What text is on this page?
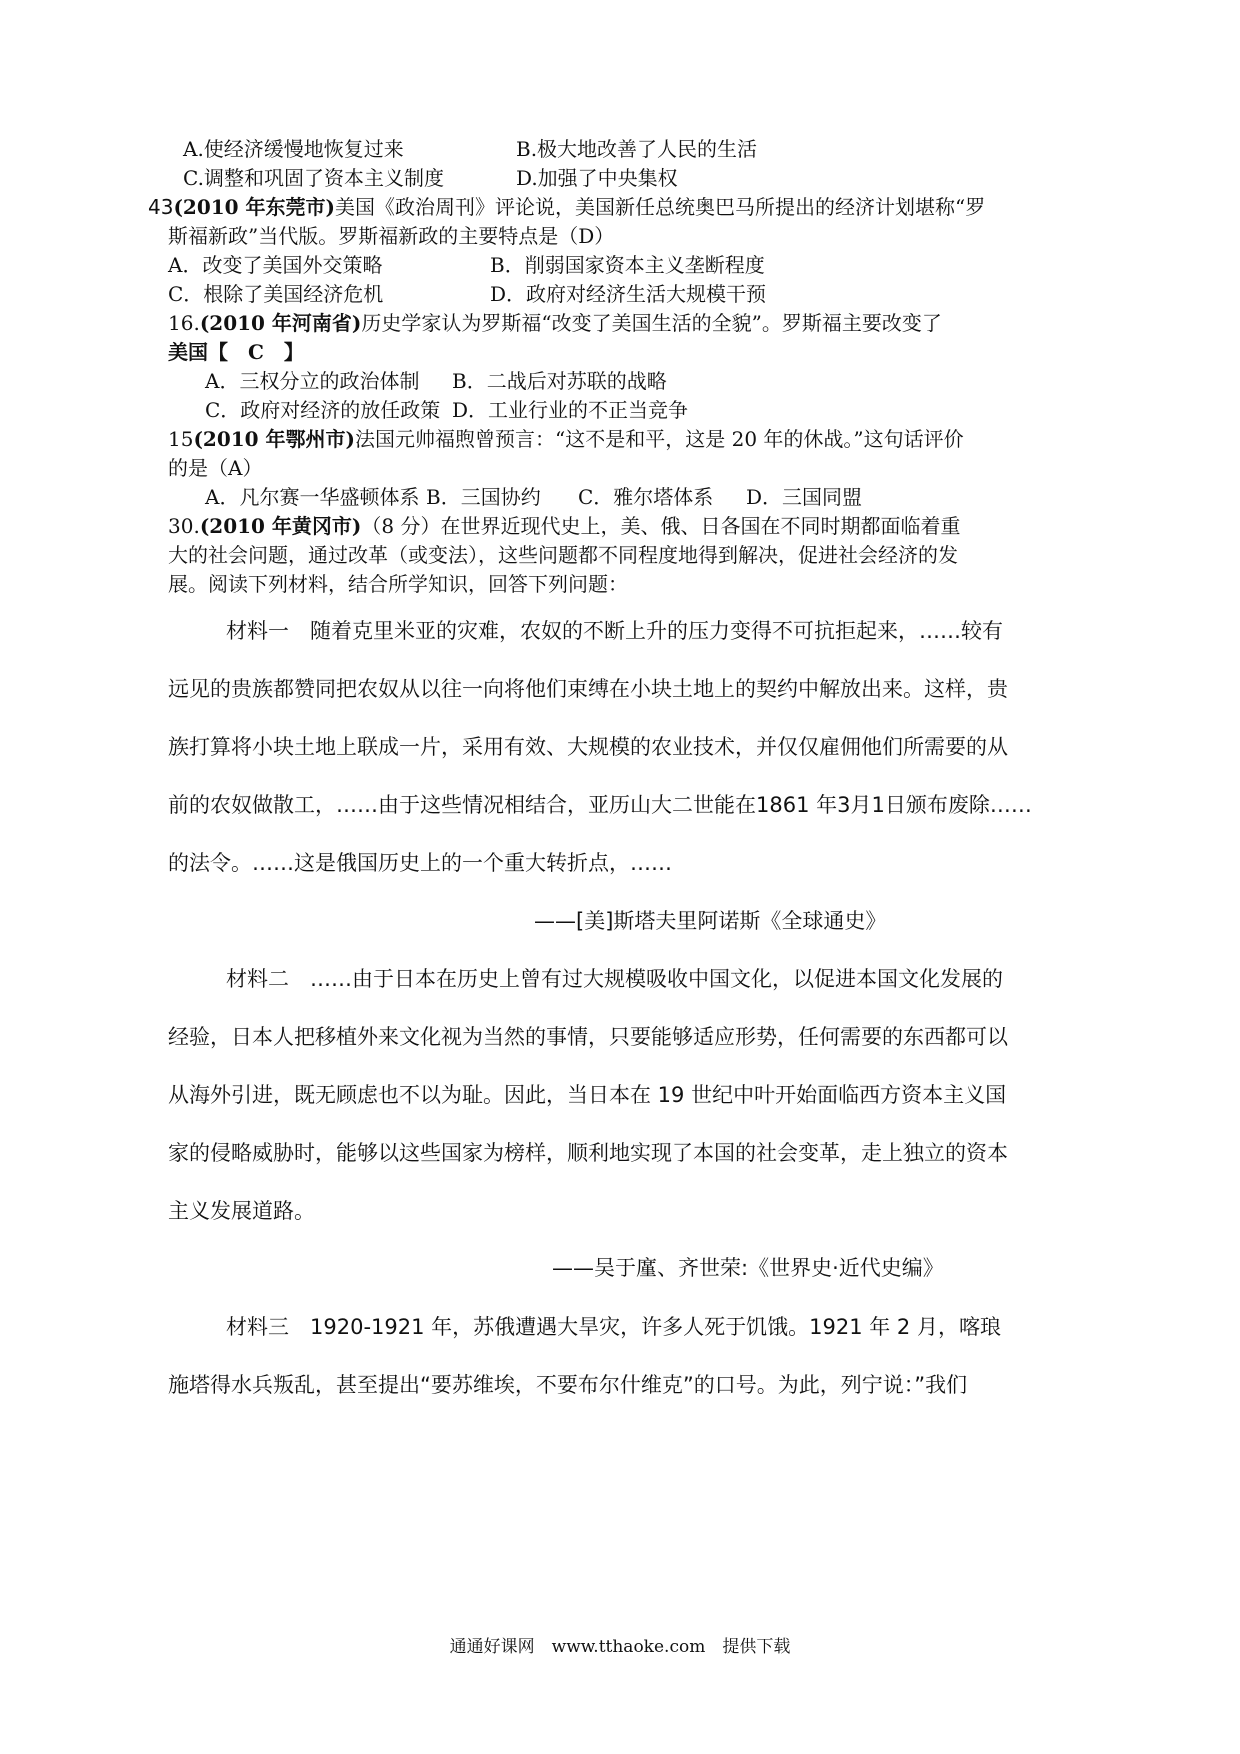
A.使经济缓慢地恢复过来	B.极大地改善了人民的生活
C.调整和巩固了资本主义制度	D.加强了中央集权
43(2010 年东莞市)美国《政治周刊》评论说，美国新任总统奥巴马所提出的经济计划堪称“罗
斯福新政”当代版。罗斯福新政的主要特点是（D）
A．改变了美国外交策略	B．削弱国家资本主义垄断程度
C．根除了美国经济危机	D．政府对经济生活大规模干预
16.(2010 年河南省)历史学家认为罗斯福“改变了美国生活的全貌”。罗斯福主要改变了
美国【　C　】
A．三权分立的政治体制 B．二战后对苏联的战略
C．政府对经济的放任政策 D．工业行业的不正当竞争
15(2010 年鄂州市)法国元帅福煦曾预言：“这不是和平，这是 20 年的休战。”这句话评价
的是（A）
A．凡尔赛一华盛顿体系 B．三国协约 C．雅尔塔体系 D．三国同盟
30.(2010 年黄冈市)（8 分）在世界近现代史上，美、俄、日各国在不同时期都面临着重
大的社会问题，通过改革（或变法），这些问题都不同程度地得到解决，促进社会经济的发
展。阅读下列材料，结合所学知识，回答下列问题：
材料一　随着克里米亚的灾难，农奴的不断上升的压力变得不可抗拒起来，……较有
远见的贵族都赞同把农奴从以往一向将他们束缚在小块土地上的契约中解放出来。这样，贵
族打算将小块土地上联成一片，采用有效、大规模的农业技术，并仅仅雇佣他们所需要的从
前的农奴做散工，……由于这些情况相结合，亚历山大二世能在1861 年3月1日颁布废除……
的法令。……这是俄国历史上的一个重大转折点，……
——[美]斯塔夫里阿诺斯《全球通史》
材料二　……由于日本在历史上曾有过大规模吸收中国文化，以促进本国文化发展的
经验，日本人把移植外来文化视为当然的事情，只要能够适应形势，任何需要的东西都可以
从海外引进，既无顾虑也不以为耻。因此，当日本在 19 世纪中叶开始面临西方资本主义国
家的侵略威胁时，能够以这些国家为榜样，顺利地实现了本国的社会变革，走上独立的资本
主义发展道路。
——吴于廑、齐世荣:《世界史·近代史编》
材料三　1920-1921 年，苏俄遭遇大旱灾，许多人死于饥饿。1921 年 2 月，喀琅
施塔得水兵叛乱，甚至提出“要苏维埃，不要布尔什维克”的口号。为此，列宁说：”我们
通通好课网　www.tthaoke.com　提供下载
